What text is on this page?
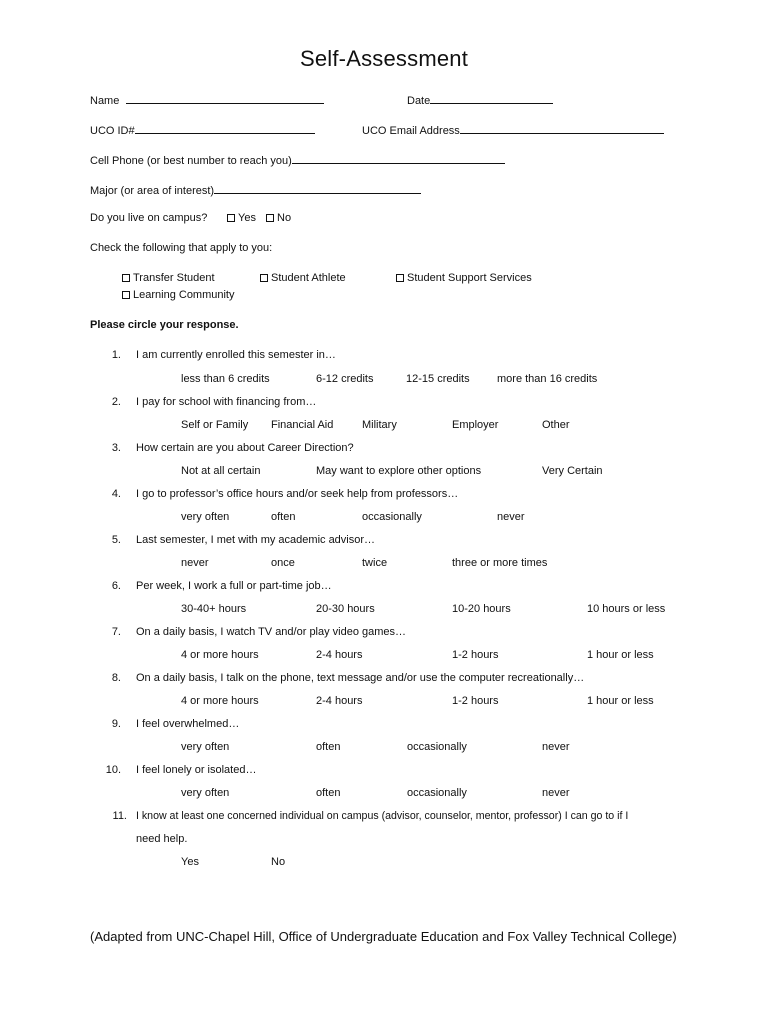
Self-Assessment
Name	Date
UCO ID#	UCO Email Address
Cell Phone (or best number to reach you)
Major (or area of interest)
Do you live on campus?	Yes	No
Check the following that apply to you:
Transfer Student	Student Athlete	Student Support Services
Learning Community
Please circle your response.
1. I am currently enrolled this semester in…
less than 6 credits	6-12 credits	12-15 credits more than 16 credits
2. I pay for school with financing from…
Self or Family Financial Aid	Military	Employer	Other
3. How certain are you about Career Direction?
Not at all certain	May want to explore other options	Very Certain
4. I go to professor’s office hours and/or seek help from professors…
very often	often	occasionally	never
5. Last semester, I met with my academic advisor…
never	once	twice	three or more times
6. Per week, I work a full or part-time job…
30-40+ hours	20-30 hours	10-20 hours	10 hours or less
7. On a daily basis, I watch TV and/or play video games…
4 or more hours	2-4 hours	1-2 hours	1 hour or less
8. On a daily basis, I talk on the phone, text message and/or use the computer recreationally…
4 or more hours	2-4 hours	1-2 hours	1 hour or less
9. I feel overwhelmed…
very often	often	occasionally	never
10. I feel lonely or isolated…
very often	often	occasionally	never
11. I know at least one concerned individual on campus (advisor, counselor, mentor, professor) I can go to if I
need help.
Yes	No
(Adapted from UNC-Chapel Hill, Office of Undergraduate Education and Fox Valley Technical College)
